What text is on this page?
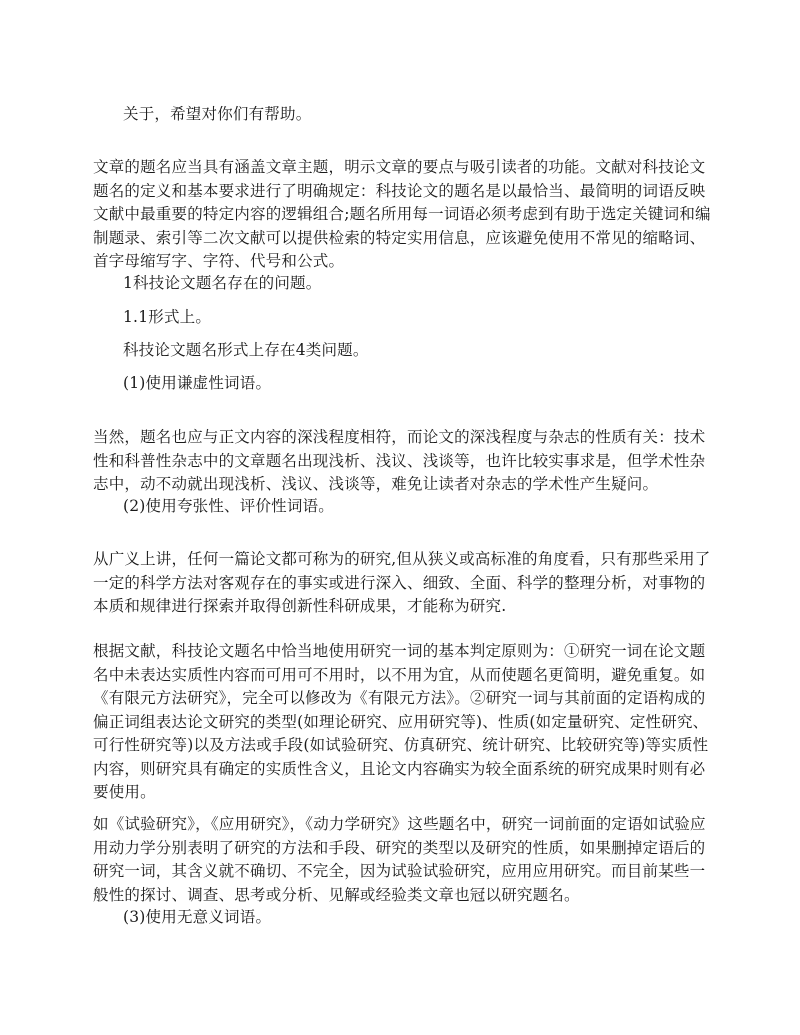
关于，希望对你们有帮助。

文章的题名应当具有涵盖文章主题，明示文章的要点与吸引读者的功能。文献对科技论文题名的定义和基本要求进行了明确规定：科技论文的题名是以最恰当、最简明的词语反映文献中最重要的特定内容的逻辑组合;题名所用每一词语必须考虑到有助于选定关键词和编制题录、索引等二次文献可以提供检索的特定实用信息，应该避免使用不常见的缩略词、首字母缩写字、字符、代号和公式。

1科技论文题名存在的问题。

1.1形式上。

科技论文题名形式上存在4类问题。

(1)使用谦虚性词语。

当然，题名也应与正文内容的深浅程度相符，而论文的深浅程度与杂志的性质有关：技术性和科普性杂志中的文章题名出现浅析、浅议、浅谈等，也许比较实事求是，但学术性杂志中，动不动就出现浅析、浅议、浅谈等，难免让读者对杂志的学术性产生疑问。

(2)使用夸张性、评价性词语。

从广义上讲，任何一篇论文都可称为的研究,但从狭义或高标准的角度看，只有那些采用了一定的科学方法对客观存在的事实或进行深入、细致、全面、科学的整理分析，对事物的本质和规律进行探索并取得创新性科研成果，才能称为研究.

根据文献，科技论文题名中恰当地使用研究一词的基本判定原则为：①研究一词在论文题名中未表达实质性内容而可用可不用时，以不用为宜，从而使题名更简明，避免重复。如《有限元方法研究》，完全可以修改为《有限元方法》。②研究一词与其前面的定语构成的偏正词组表达论文研究的类型(如理论研究、应用研究等)、性质(如定量研究、定性研究、可行性研究等)以及方法或手段(如试验研究、仿真研究、统计研究、比较研究等)等实质性内容，则研究具有确定的实质性含义，且论文内容确实为较全面系统的研究成果时则有必要使用。

如《试验研究》，《应用研究》，《动力学研究》这些题名中，研究一词前面的定语如试验应用动力学分别表明了研究的方法和手段、研究的类型以及研究的性质，如果删掉定语后的研究一词，其含义就不确切、不完全，因为试验试验研究，应用应用研究。而目前某些一般性的探讨、调查、思考或分析、见解或经验类文章也冠以研究题名。

(3)使用无意义词语。
